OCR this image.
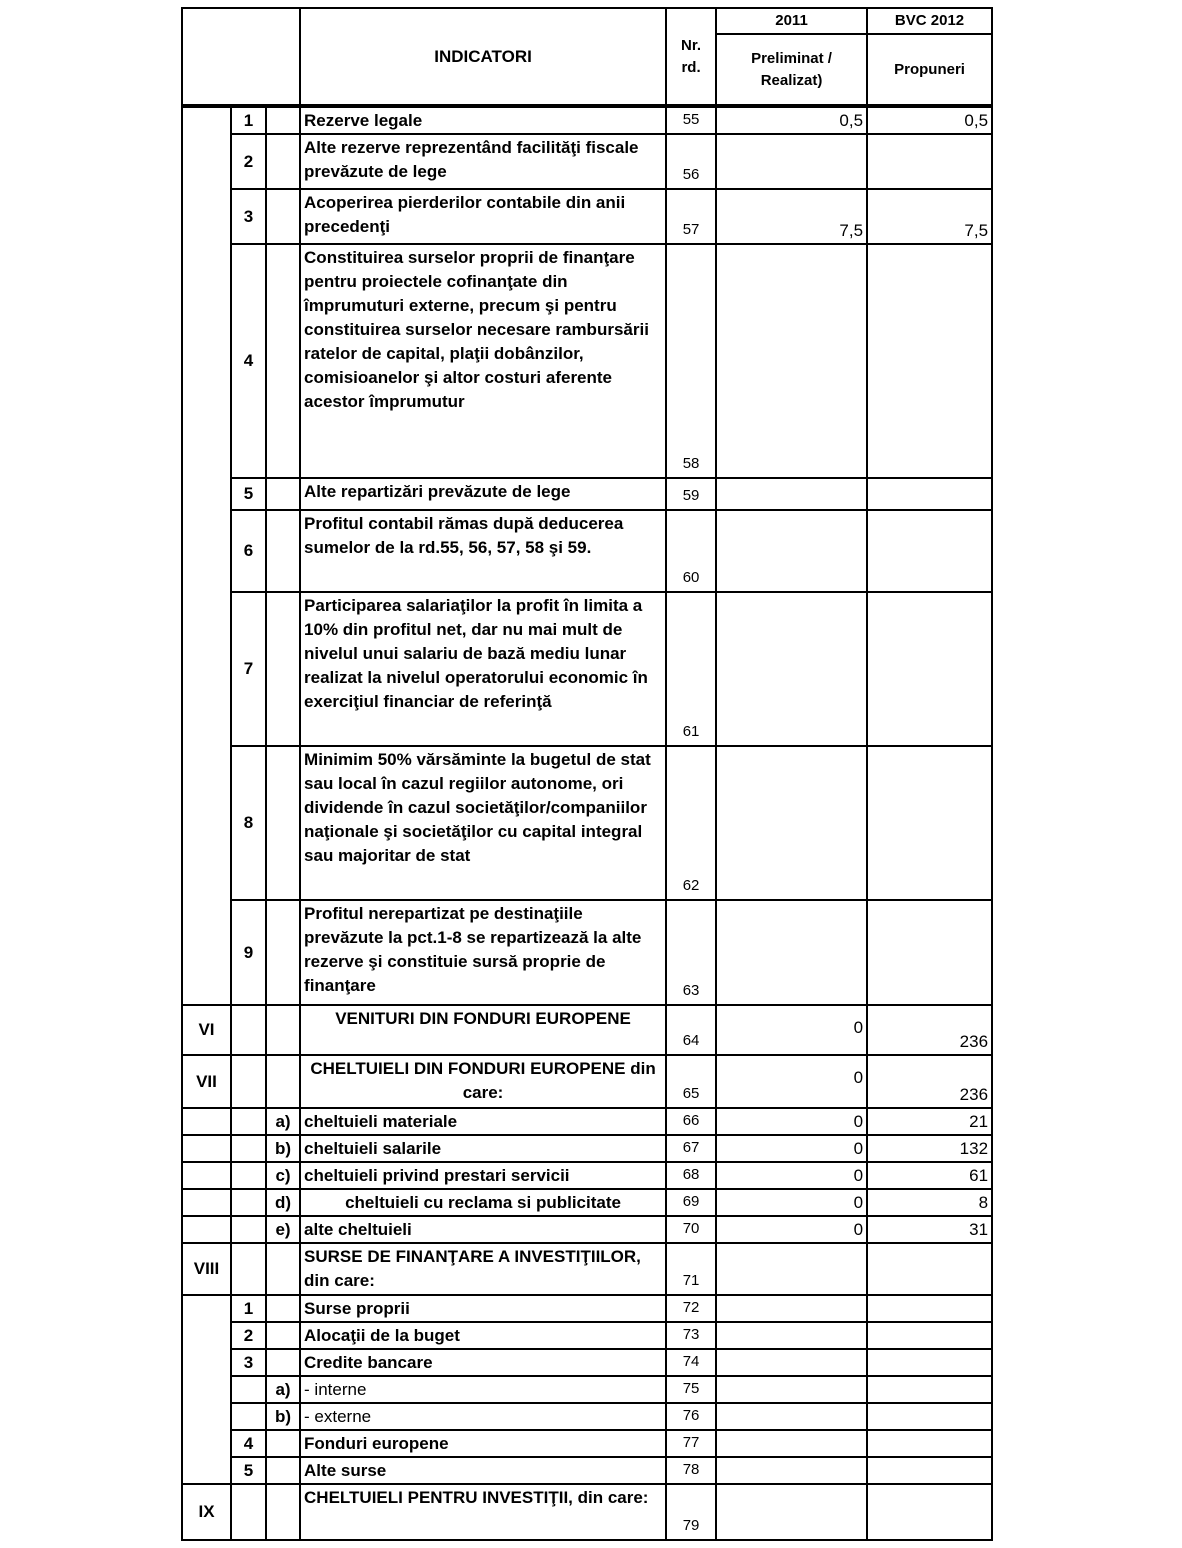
			INDICATORI	Nr. rd.	2011	BVC 2012
					Preliminat / Realizat)	Propuneri
	1		Rezerve legale	55	0,5	0,5
	2		Alte rezerve reprezentând facilităţi fiscale prevăzute de lege	56		
	3		Acoperirea pierderilor contabile din anii precedenţi	57	7,5	7,5
	4		Constituirea surselor proprii de finanţare pentru proiectele cofinanţate din împrumuturi externe, precum şi pentru constituirea surselor necesare rambursării ratelor de capital, plaţii dobânzilor, comisioanelor şi altor costuri aferente acestor împrumutur	58		
	5		Alte repartizări prevăzute de lege	59		
	6		Profitul contabil rămas după deducerea sumelor de la rd.55, 56, 57, 58 şi 59.	60		
	7		Participarea salariaţilor la profit în limita a 10% din profitul net, dar nu mai mult de nivelul unui salariu de bază mediu lunar realizat la nivelul operatorului economic în exerciţiul financiar de referinţă	61		
	8		Minimim 50% vărsăminte la bugetul de stat sau local în cazul regiilor autonome, ori dividende în cazul societăţilor/companiilor naţionale şi societăţilor cu capital integral sau majoritar de stat	62		
	9		Profitul nerepartizat pe destinaţiile prevăzute la pct.1-8 se repartizează la alte rezerve şi constituie sursă proprie de finanţare	63		
VI			VENITURI DIN FONDURI EUROPENE	64	0	236
VII			CHELTUIELI DIN FONDURI EUROPENE din care:	65	0	236
		a)	cheltuieli materiale	66	0	21
		b)	cheltuieli salarile	67	0	132
		c)	cheltuieli privind prestari servicii	68	0	61
		d)	cheltuieli cu reclama si publicitate	69	0	8
		e)	alte cheltuieli	70	0	31
VIII			SURSE DE FINANŢARE A INVESTIŢIILOR, din care:	71		
	1		Surse proprii	72		
	2		Alocaţii de la buget	73		
	3		Credite bancare	74		
		a)	- interne	75		
		b)	- externe	76		
	4		Fonduri europene	77		
	5		Alte surse	78		
IX			CHELTUIELI PENTRU INVESTIŢII, din care:	79		
